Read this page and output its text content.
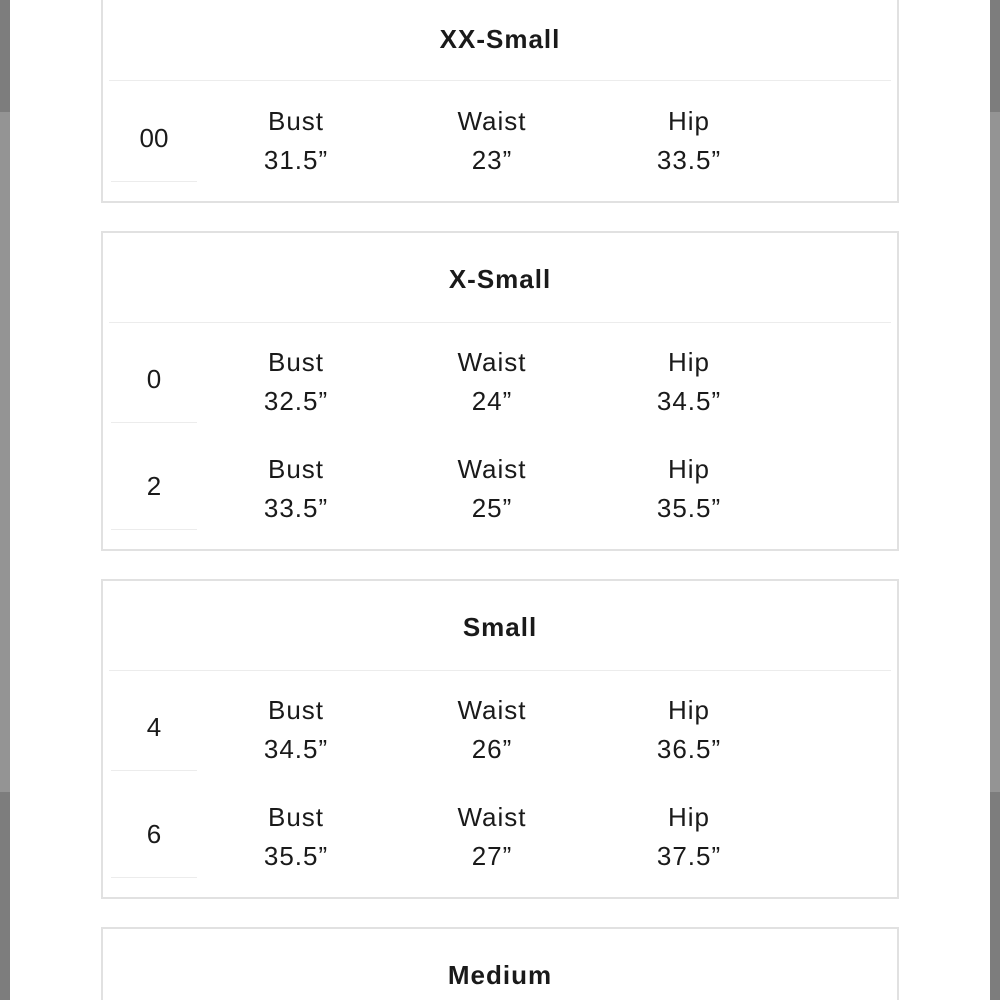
XX-Small
00
Bust
31.5”
Waist
23”
Hip
33.5”
X-Small
0
Bust
32.5”
Waist
24”
Hip
34.5”
2
Bust
33.5”
Waist
25”
Hip
35.5”
Small
4
Bust
34.5”
Waist
26”
Hip
36.5”
6
Bust
35.5”
Waist
27”
Hip
37.5”
Medium
